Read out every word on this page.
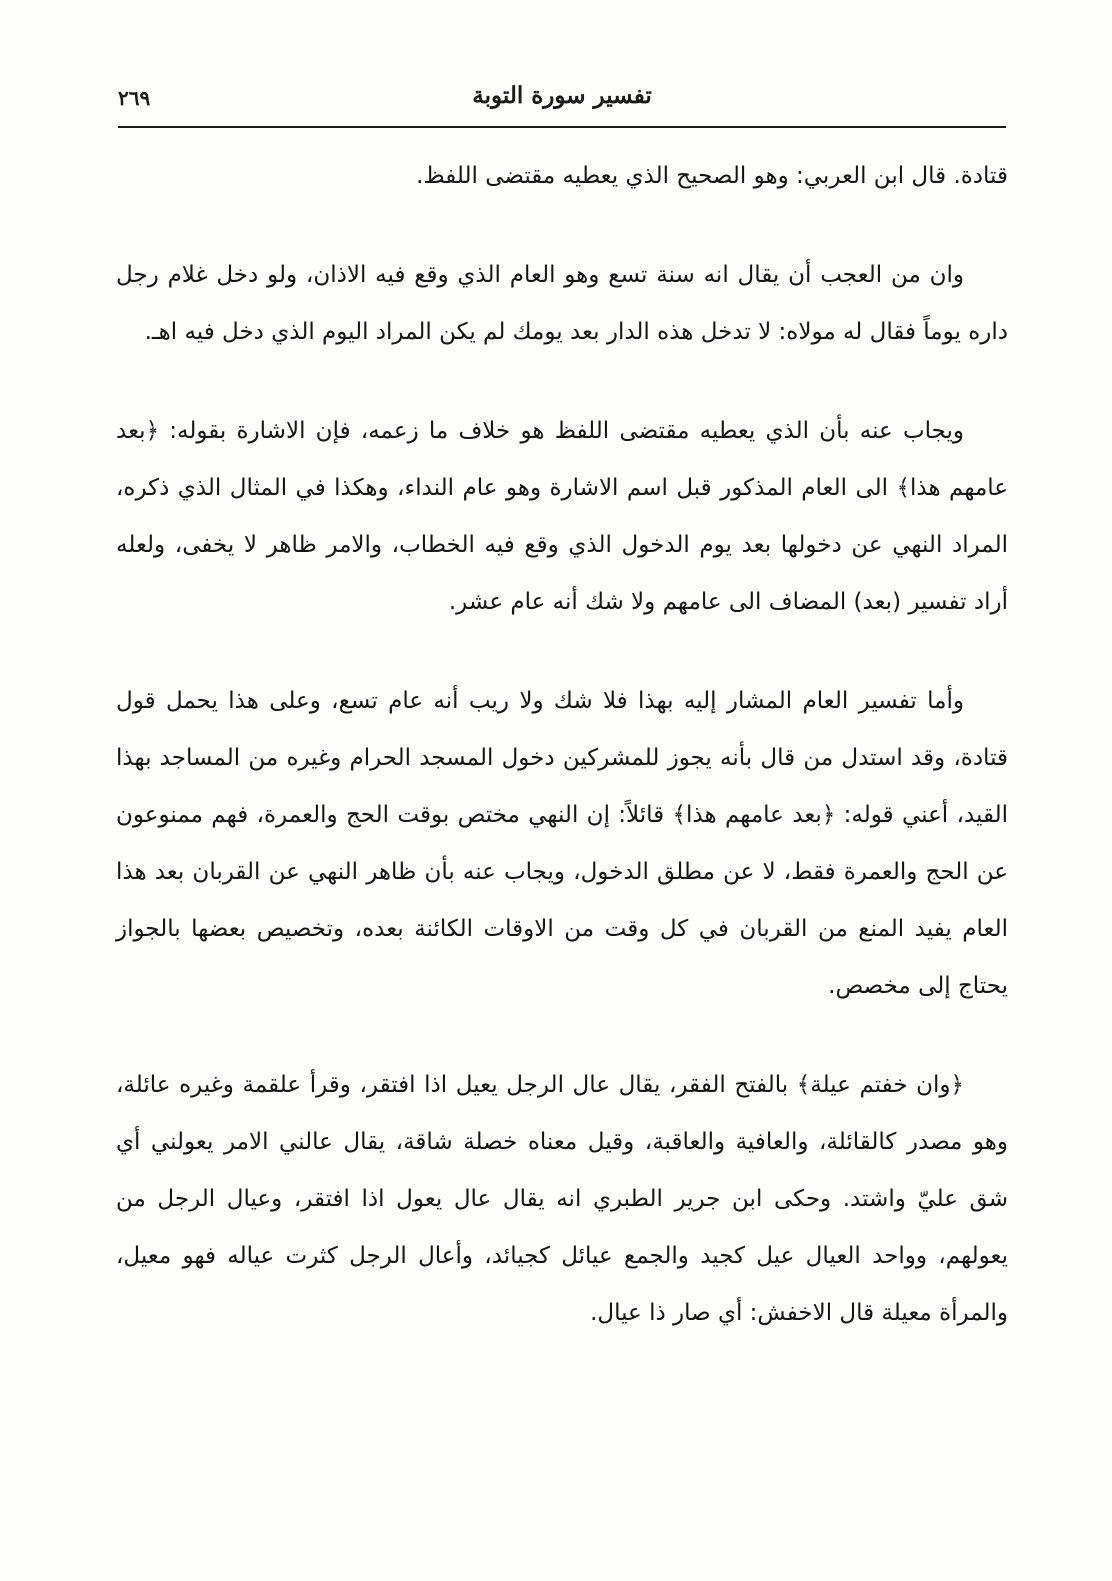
تفسير سورة التوبة
٢٦٩

قتادة. قال ابن العربي: وهو الصحيح الذي يعطيه مقتضى اللفظ.

وان من العجب أن يقال انه سنة تسع وهو العام الذي وقع فيه الاذان، ولو دخل غلام رجل داره يوماً فقال له مولاه: لا تدخل هذه الدار بعد يومك لم يكن المراد اليوم الذي دخل فيه اهـ.

ويجاب عنه بأن الذي يعطيه مقتضى اللفظ هو خلاف ما زعمه، فإن الاشارة بقوله: ﴿بعد عامهم هذا﴾ الى العام المذكور قبل اسم الاشارة وهو عام النداء، وهكذا في المثال الذي ذكره، المراد النهي عن دخولها بعد يوم الدخول الذي وقع فيه الخطاب، والامر ظاهر لا يخفى، ولعله أراد تفسير (بعد) المضاف الى عامهم ولا شك أنه عام عشر.

وأما تفسير العام المشار إليه بهذا فلا شك ولا ريب أنه عام تسع، وعلى هذا يحمل قول قتادة، وقد استدل من قال بأنه يجوز للمشركين دخول المسجد الحرام وغيره من المساجد بهذا القيد، أعني قوله: ﴿بعد عامهم هذا﴾ قائلاً: إن النهي مختص بوقت الحج والعمرة، فهم ممنوعون عن الحج والعمرة فقط، لا عن مطلق الدخول، ويجاب عنه بأن ظاهر النهي عن القربان بعد هذا العام يفيد المنع من القربان في كل وقت من الاوقات الكائنة بعده، وتخصيص بعضها بالجواز يحتاج إلى مخصص.

﴿وان خفتم عيلة﴾ بالفتح الفقر، يقال عال الرجل يعيل اذا افتقر، وقرأ علقمة وغيره عائلة، وهو مصدر كالقائلة، والعافية والعاقبة، وقيل معناه خصلة شاقة، يقال عالني الامر يعولني أي شق عليّ واشتد. وحكى ابن جرير الطبري انه يقال عال يعول اذا افتقر، وعيال الرجل من يعولهم، وواحد العيال عيل كجيد والجمع عيائل كجيائد، وأعال الرجل كثرت عياله فهو معيل، والمرأة معيلة قال الاخفش: أي صار ذا عيال.
